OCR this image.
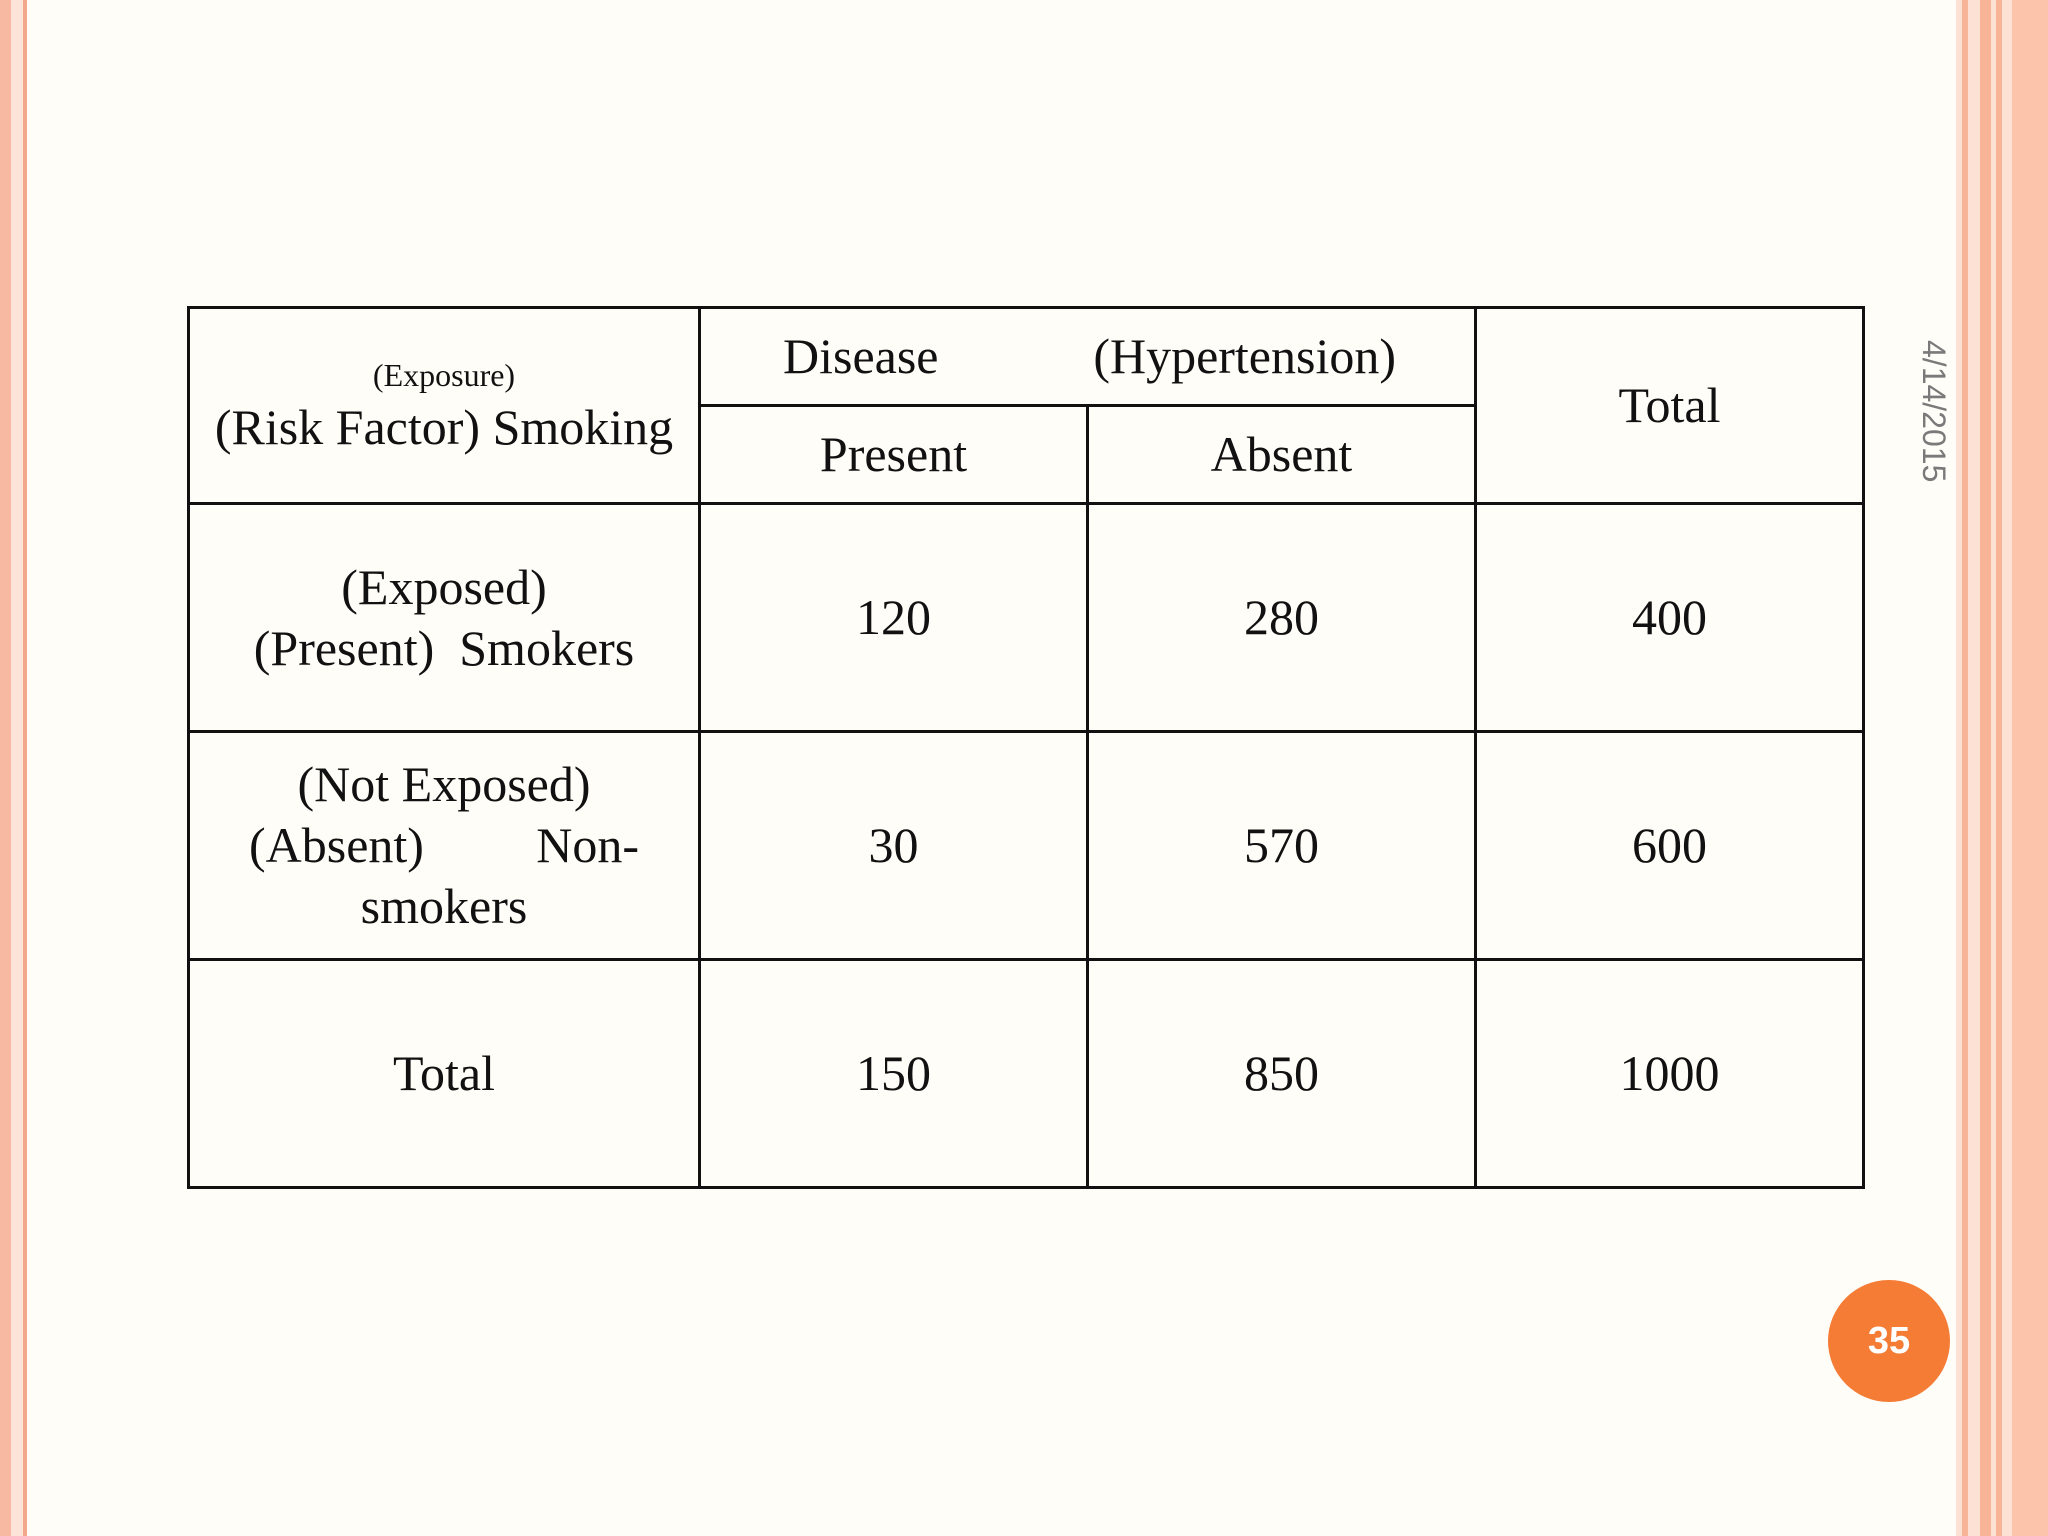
(Exposure)
(Risk Factor) Smoking	Disease (Hypertension)		Total
	Present	Absent	

(Exposed)
(Present)  Smokers	120	280	400

(Not Exposed)
(Absent) Non-
smokers	30	570	600
Total	150	850	1000
4/14/2015
35
